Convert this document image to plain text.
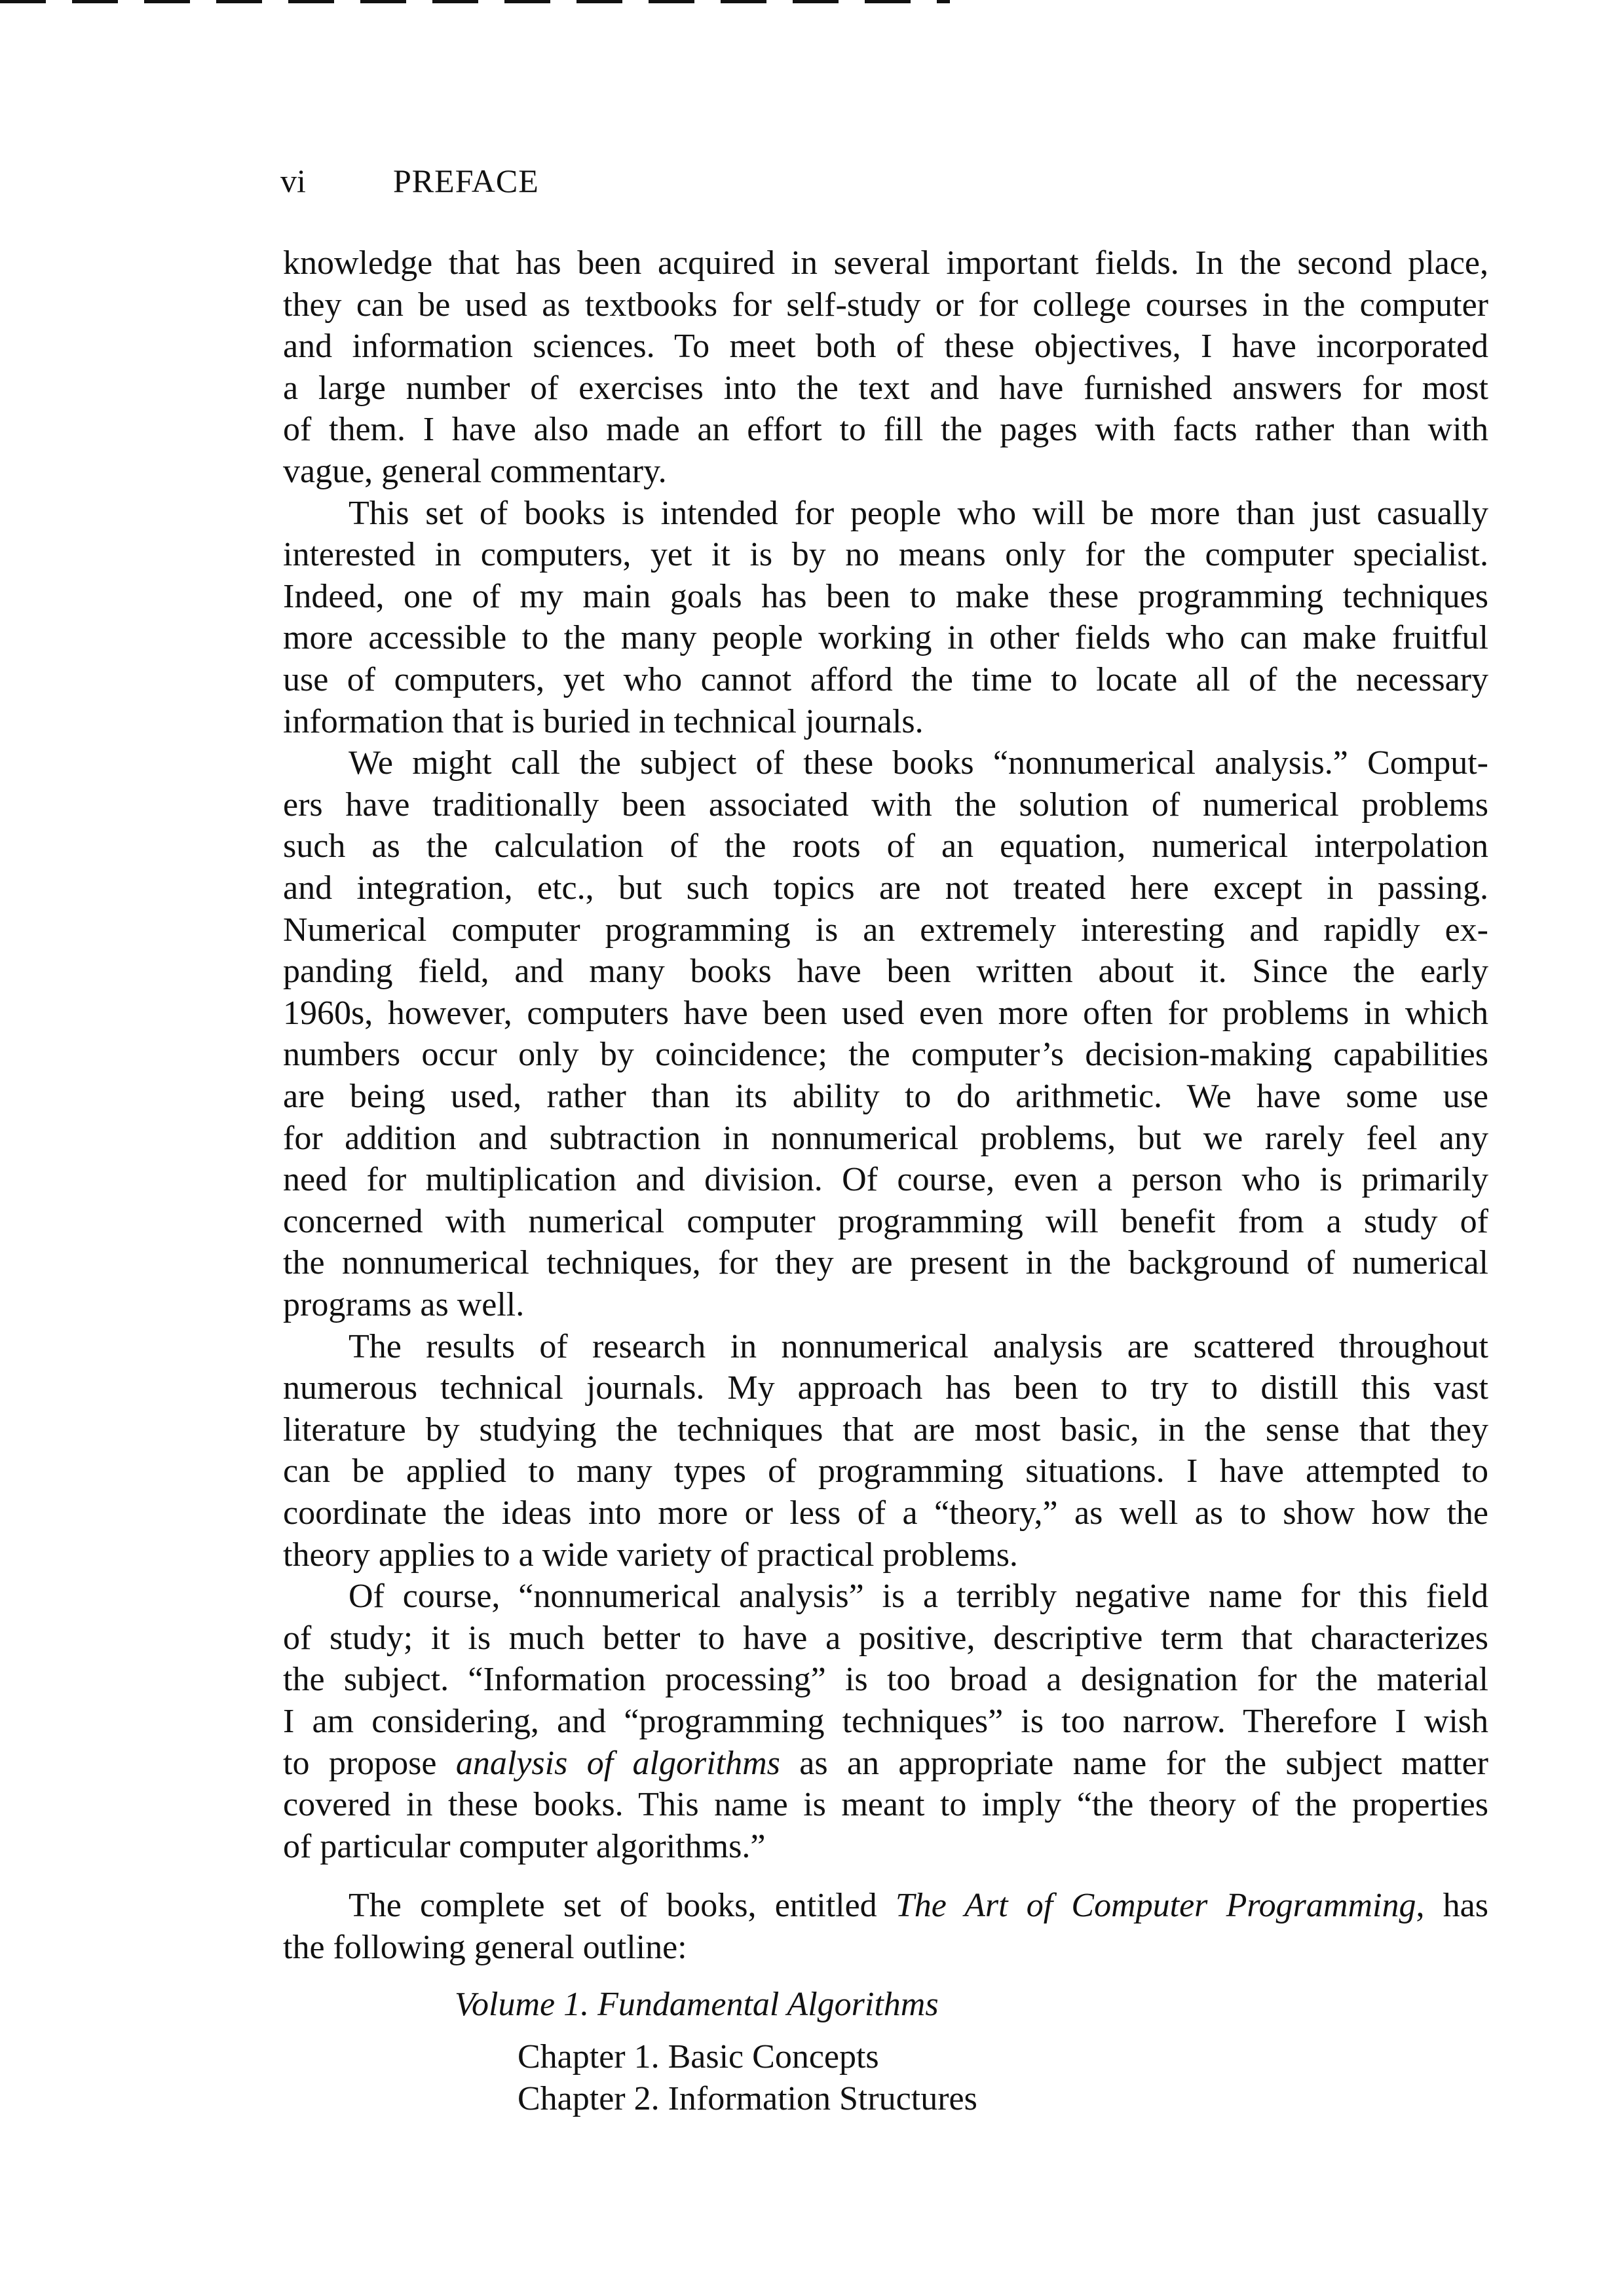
vi	PREFACE
knowledge that has been acquired in several important fields. In the second place,
they can be used as textbooks for self-study or for college courses in the computer
and information sciences. To meet both of these objectives, I have incorporated
a large number of exercises into the text and have furnished answers for most
of them. I have also made an effort to fill the pages with facts rather than with
vague, general commentary.
This set of books is intended for people who will be more than just casually
interested in computers, yet it is by no means only for the computer specialist.
Indeed, one of my main goals has been to make these programming techniques
more accessible to the many people working in other fields who can make fruitful
use of computers, yet who cannot afford the time to locate all of the necessary
information that is buried in technical journals.
We might call the subject of these books “nonnumerical analysis.” Comput-
ers have traditionally been associated with the solution of numerical problems
such as the calculation of the roots of an equation, numerical interpolation
and integration, etc., but such topics are not treated here except in passing.
Numerical computer programming is an extremely interesting and rapidly ex-
panding field, and many books have been written about it. Since the early
1960s, however, computers have been used even more often for problems in which
numbers occur only by coincidence; the computer’s decision-making capabilities
are being used, rather than its ability to do arithmetic. We have some use
for addition and subtraction in nonnumerical problems, but we rarely feel any
need for multiplication and division. Of course, even a person who is primarily
concerned with numerical computer programming will benefit from a study of
the nonnumerical techniques, for they are present in the background of numerical
programs as well.
The results of research in nonnumerical analysis are scattered throughout
numerous technical journals. My approach has been to try to distill this vast
literature by studying the techniques that are most basic, in the sense that they
can be applied to many types of programming situations. I have attempted to
coordinate the ideas into more or less of a “theory,” as well as to show how the
theory applies to a wide variety of practical problems.
Of course, “nonnumerical analysis” is a terribly negative name for this field
of study; it is much better to have a positive, descriptive term that characterizes
the subject. “Information processing” is too broad a designation for the material
I am considering, and “programming techniques” is too narrow. Therefore I wish
to propose analysis of algorithms as an appropriate name for the subject matter
covered in these books. This name is meant to imply “the theory of the properties
of particular computer algorithms.”
The complete set of books, entitled The Art of Computer Programming, has
the following general outline:
Volume 1. Fundamental Algorithms
Chapter 1. Basic Concepts
Chapter 2. Information Structures
